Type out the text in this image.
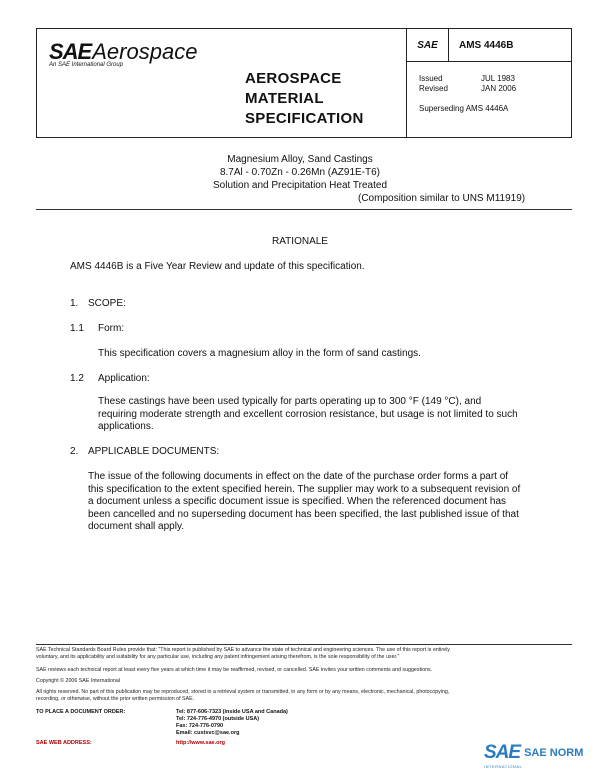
SAEAerospace
An SAE International Group
AEROSPACE
MATERIAL
SPECIFICATION
SAE	AMS 4446B
Issued	JUL 1983
Revised	JAN 2006
Superseding AMS 4446A
Magnesium Alloy, Sand Castings
8.7Al - 0.70Zn - 0.26Mn (AZ91E-T6)
Solution and Precipitation Heat Treated
(Composition similar to UNS M11919)
RATIONALE
AMS 4446B is a Five Year Review and update of this specification.
1. SCOPE:
1.1 Form:
This specification covers a magnesium alloy in the form of sand castings.
1.2 Application:
These castings have been used typically for parts operating up to 300 °F (149 °C), and
requiring moderate strength and excellent corrosion resistance, but usage is not limited to such
applications.
2. APPLICABLE DOCUMENTS:
The issue of the following documents in effect on the date of the purchase order forms a part of
this specification to the extent specified herein. The supplier may work to a subsequent revision of
a document unless a specific document issue is specified. When the referenced document has
been cancelled and no superseding document has been specified, the last published issue of that
document shall apply.
SAE Technical Standards Board Rules provide that: "This report is published by SAE to advance the state of technical and engineering sciences. The use of this report is entirely
voluntary, and its applicability and suitability for any particular use, including any patent infringement arising therefrom, is the sole responsibility of the user."
SAE reviews each technical report at least every five years at which time it may be reaffirmed, revised, or cancelled. SAE invites your written comments and suggestions.
Copyright © 2006 SAE International
All rights reserved. No part of this publication may be reproduced, stored in a retrieval system or transmitted, in any form or by any means, electronic, mechanical, photocopying,
recording, or otherwise, without the prior written permission of SAE.
TO PLACE A DOCUMENT ORDER:	Tel: 877-606-7323 (inside USA and Canada)
Tel: 724-776-4970 (outside USA)
Fax: 724-776-0790
Email: custsvc@sae.org
SAE WEB ADDRESS:	http://www.sae.org	SAE SAE NORM
INTERNATIONAL
